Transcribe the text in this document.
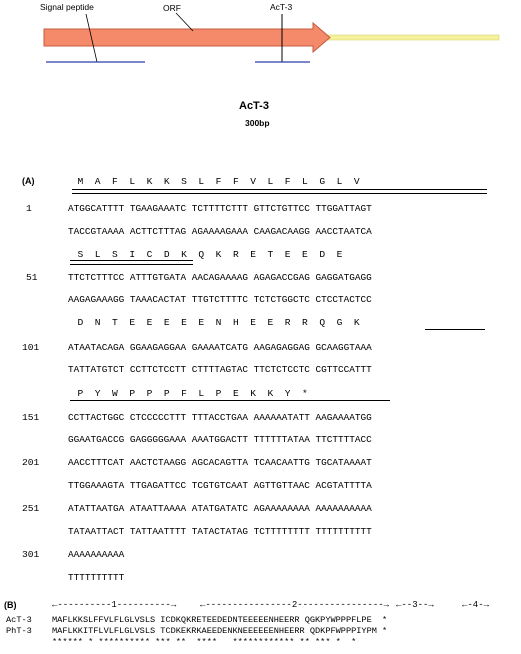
Signal peptide	ORF	AcT-3
AcT-3
300bp
(A)	M  A  F  L  K  K  S  L  F  F  V  L  F  L  G  L  V
1	ATGGCATTTT TGAAGAAATC TCTTTTCTTT GTTCTGTTCC TTGGATTAGT
TACCGTAAAA ACTTCTTTAG AGAAAAGAAA CAAGACAAGG AACCTAATCA
S  L  S  I  C  D  K  Q  K  R  E  T  E  E  D  E
51	TTCTCTTTCC ATTTGTGATA AACAGAAAAG AGAGACCGAG GAGGATGAGG
AAGAGAAAGG TAAACACTAT TTGTCTTTTC TCTCTGGCTC CTCCTACTCC
D  N  T  E  E  E  E  E  N  H  E  E  R  R  Q  G  K
101	ATAATACAGA GGAAGAGGAA GAAAATCATG AAGAGAGGAG GCAAGGTAAA
TATTATGTCT CCTTCTCCTT CTTTTAGTAC TTCTCTCCTC CGTTCCATTT
P  Y  W  P  P  P  F  L  P  E  K  K  Y  *
151	CCTTACTGGC CTCCCCCTTT TTTACCTGAA AAAAAATATT AAGAAAATGG
GGAATGACCG GAGGGGGAAA AAATGGACTT TTTTTTATAA TTCTTTTACC
201	AACCTTTCAT AACTCTAAGG AGCACAGTTA TCAACAATTG TGCATAAAAT
TTGGAAAGTA TTGAGATTCC TCGTGTCAAT AGTTGTTAAC ACGTATTTTA
251	ATATTAATGA ATAATTAAAA ATATGATATC AGAAAAAAAA AAAAAAAAAA
TATAATTACT TATTAATTTT TATACTATAG TCTTTTTTTT TTTTTTTTTT
301	AAAAAAAAAA
TTTTTTTTTT
(B)	←----------1----------→	←----------------2----------------→ ←--3--→	←-4-→
AcT-3 MAFLKKSLFFVLFLGLVSLS ICDKQKRETEEDEDNTEEEEENHEERR QGKPYWPPPFLPE  *
PhT-3 MAFLKKITFLVLFLGLVSLS TCDKEKRKAEEDENKNEEEEEENHEERR QDKPFWPPPIYPM *
****** * ********** *** **  ****   ************ ** *** *  *
